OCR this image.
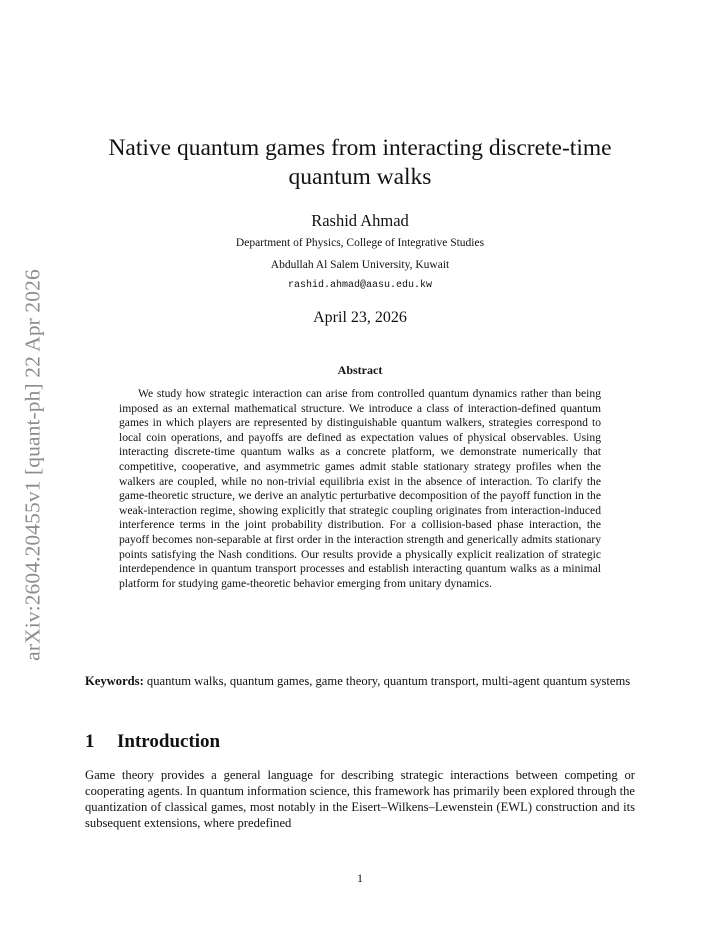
arXiv:2604.20455v1 [quant-ph] 22 Apr 2026
Native quantum games from interacting discrete-time quantum walks
Rashid Ahmad
Department of Physics, College of Integrative Studies
Abdullah Al Salem University, Kuwait
rashid.ahmad@aasu.edu.kw
April 23, 2026
Abstract

We study how strategic interaction can arise from controlled quantum dynamics rather than being imposed as an external mathematical structure. We introduce a class of interaction-defined quantum games in which players are represented by distinguishable quantum walkers, strategies correspond to local coin operations, and payoffs are defined as expectation values of physical observables. Using interacting discrete-time quantum walks as a concrete platform, we demonstrate numerically that competitive, cooperative, and asymmetric games admit stable stationary strategy profiles when the walkers are coupled, while no non-trivial equilibria exist in the absence of interaction. To clarify the game-theoretic structure, we derive an analytic perturbative decomposition of the payoff function in the weak-interaction regime, showing explicitly that strategic coupling originates from interaction-induced interference terms in the joint probability distribution. For a collision-based phase interaction, the payoff becomes non-separable at first order in the interaction strength and generically admits stationary points satisfying the Nash conditions. Our results provide a physically explicit realization of strategic interdependence in quantum transport processes and establish interacting quantum walks as a minimal platform for studying game-theoretic behavior emerging from unitary dynamics.

Keywords: quantum walks, quantum games, game theory, quantum transport, multi-agent quantum systems

1 Introduction

Game theory provides a general language for describing strategic interactions between competing or cooperating agents. In quantum information science, this framework has primarily been explored through the quantization of classical games, most notably in the Eisert–Wilkens–Lewenstein (EWL) construction and its subsequent extensions, where predefined

1
